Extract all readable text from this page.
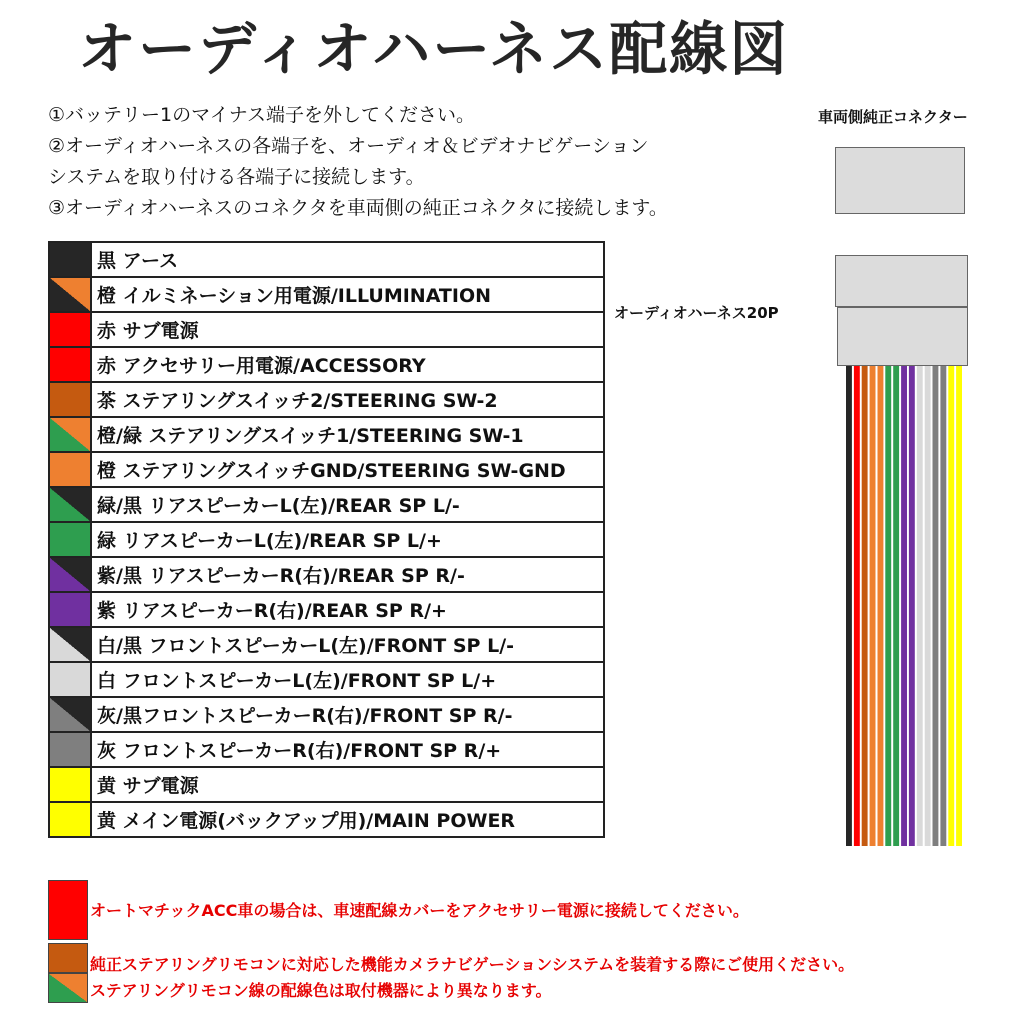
オーディオハーネス配線図
①バッテリー1のマイナス端子を外してください。
②オーディオハーネスの各端子を、オーディオ＆ビデオナビゲーション
システムを取り付ける各端子に接続します。
③オーディオハーネスのコネクタを車両側の純正コネクタに接続します。
車両側純正コネクター
オーディオハーネス20P
	黒 アース

	橙 イルミネーション用電源/ILLUMINATION

	赤 サブ電源

	赤 アクセサリー用電源/ACCESSORY

	茶 ステアリングスイッチ2/STEERING SW-2

	橙/緑 ステアリングスイッチ1/STEERING SW-1

	橙 ステアリングスイッチGND/STEERING SW-GND

	緑/黒 リアスピーカーL(左)/REAR SP L/-

	緑 リアスピーカーL(左)/REAR SP L/+

	紫/黒 リアスピーカーR(右)/REAR SP R/-

	紫 リアスピーカーR(右)/REAR SP R/+

	白/黒 フロントスピーカーL(左)/FRONT SP L/-

	白 フロントスピーカーL(左)/FRONT SP L/+

	灰/黒フロントスピーカーR(右)/FRONT SP R/-

	灰 フロントスピーカーR(右)/FRONT SP R/+

	黄 サブ電源

	黄 メイン電源(バックアップ用)/MAIN POWER
オートマチックACC車の場合は、車速配線カバーをアクセサリー電源に接続してください。
純正ステアリングリモコンに対応した機能カメラナビゲーションシステムを装着する際にご使用ください。
ステアリングリモコン線の配線色は取付機器により異なります。
